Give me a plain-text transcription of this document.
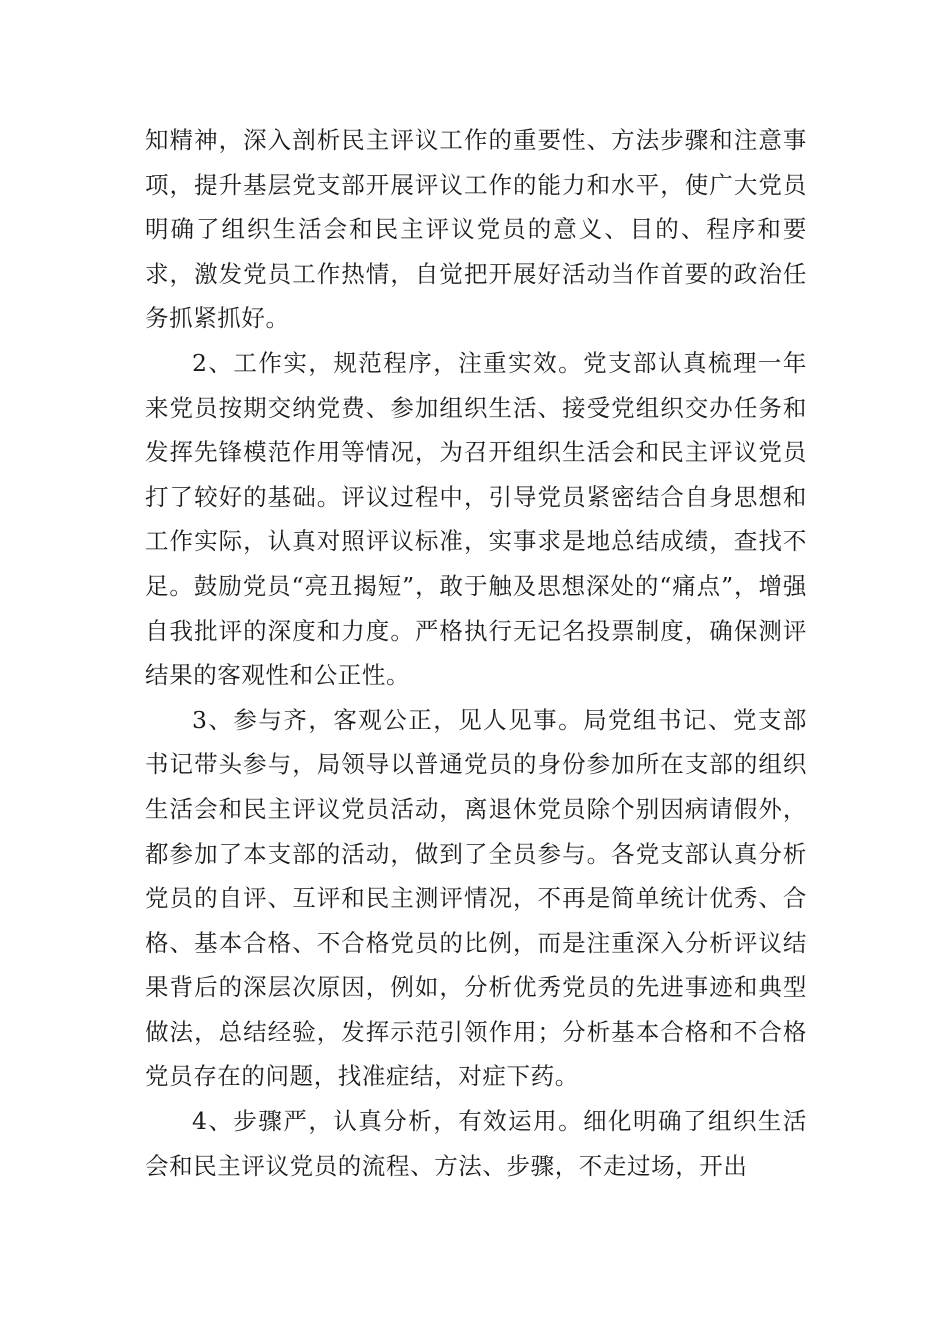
知精神，深入剖析民主评议工作的重要性、方法步骤和注意事项，提升基层党支部开展评议工作的能力和水平，使广大党员明确了组织生活会和民主评议党员的意义、目的、程序和要求，激发党员工作热情，自觉把开展好活动当作首要的政治任务抓紧抓好。

2、工作实，规范程序，注重实效。党支部认真梳理一年来党员按期交纳党费、参加组织生活、接受党组织交办任务和发挥先锋模范作用等情况，为召开组织生活会和民主评议党员打了较好的基础。评议过程中，引导党员紧密结合自身思想和工作实际，认真对照评议标准，实事求是地总结成绩，查找不足。鼓励党员“亮丑揭短”，敢于触及思想深处的“痛点”，增强自我批评的深度和力度。严格执行无记名投票制度，确保测评结果的客观性和公正性。

3、参与齐，客观公正，见人见事。局党组书记、党支部书记带头参与，局领导以普通党员的身份参加所在支部的组织生活会和民主评议党员活动，离退休党员除个别因病请假外，都参加了本支部的活动，做到了全员参与。各党支部认真分析党员的自评、互评和民主测评情况，不再是简单统计优秀、合格、基本合格、不合格党员的比例，而是注重深入分析评议结果背后的深层次原因，例如，分析优秀党员的先进事迹和典型做法，总结经验，发挥示范引领作用；分析基本合格和不合格党员存在的问题，找准症结，对症下药。

4、步骤严，认真分析，有效运用。细化明确了组织生活会和民主评议党员的流程、方法、步骤，不走过场，开出
